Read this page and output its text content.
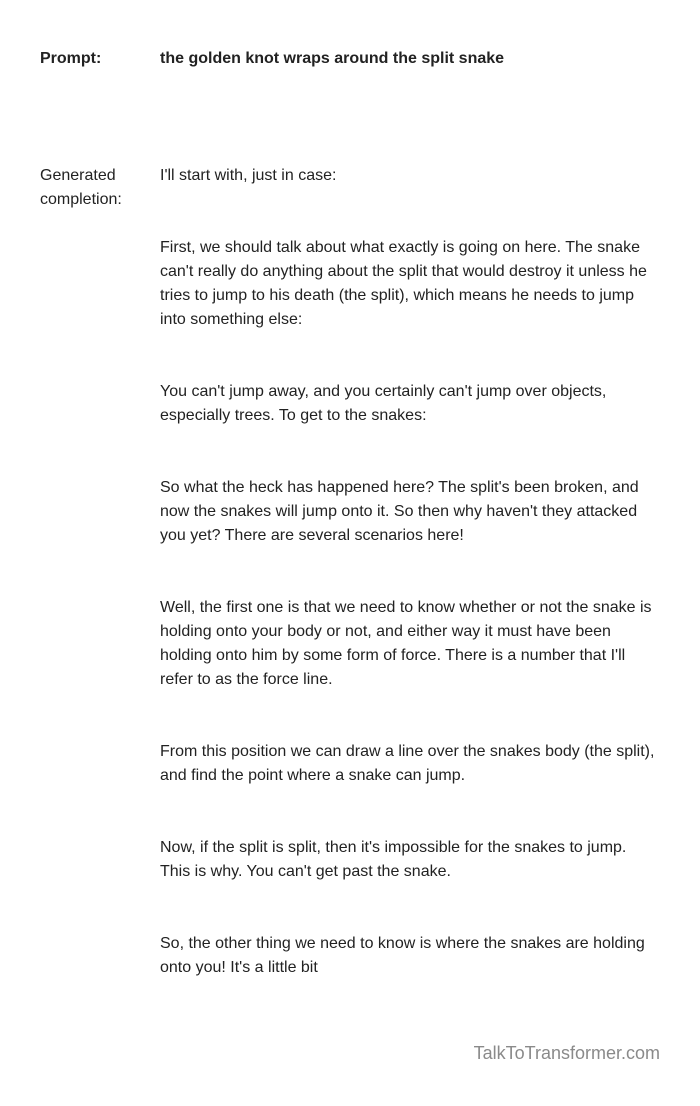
Prompt:	the golden knot wraps around the split snake
Generated
completion:

I'll start with, just in case:

First, we should talk about what exactly is going on here. The snake can't really do anything about the split that would destroy it unless he tries to jump to his death (the split), which means he needs to jump into something else:

You can't jump away, and you certainly can't jump over objects, especially trees. To get to the snakes:

So what the heck has happened here? The split's been broken, and now the snakes will jump onto it. So then why haven't they attacked you yet? There are several scenarios here!

Well, the first one is that we need to know whether or not the snake is holding onto your body or not, and either way it must have been holding onto him by some form of force. There is a number that I'll refer to as the force line.

From this position we can draw a line over the snakes body (the split), and find the point where a snake can jump.

Now, if the split is split, then it's impossible for the snakes to jump. This is why. You can't get past the snake.

So, the other thing we need to know is where the snakes are holding onto you! It's a little bit

TalkToTransformer.com
